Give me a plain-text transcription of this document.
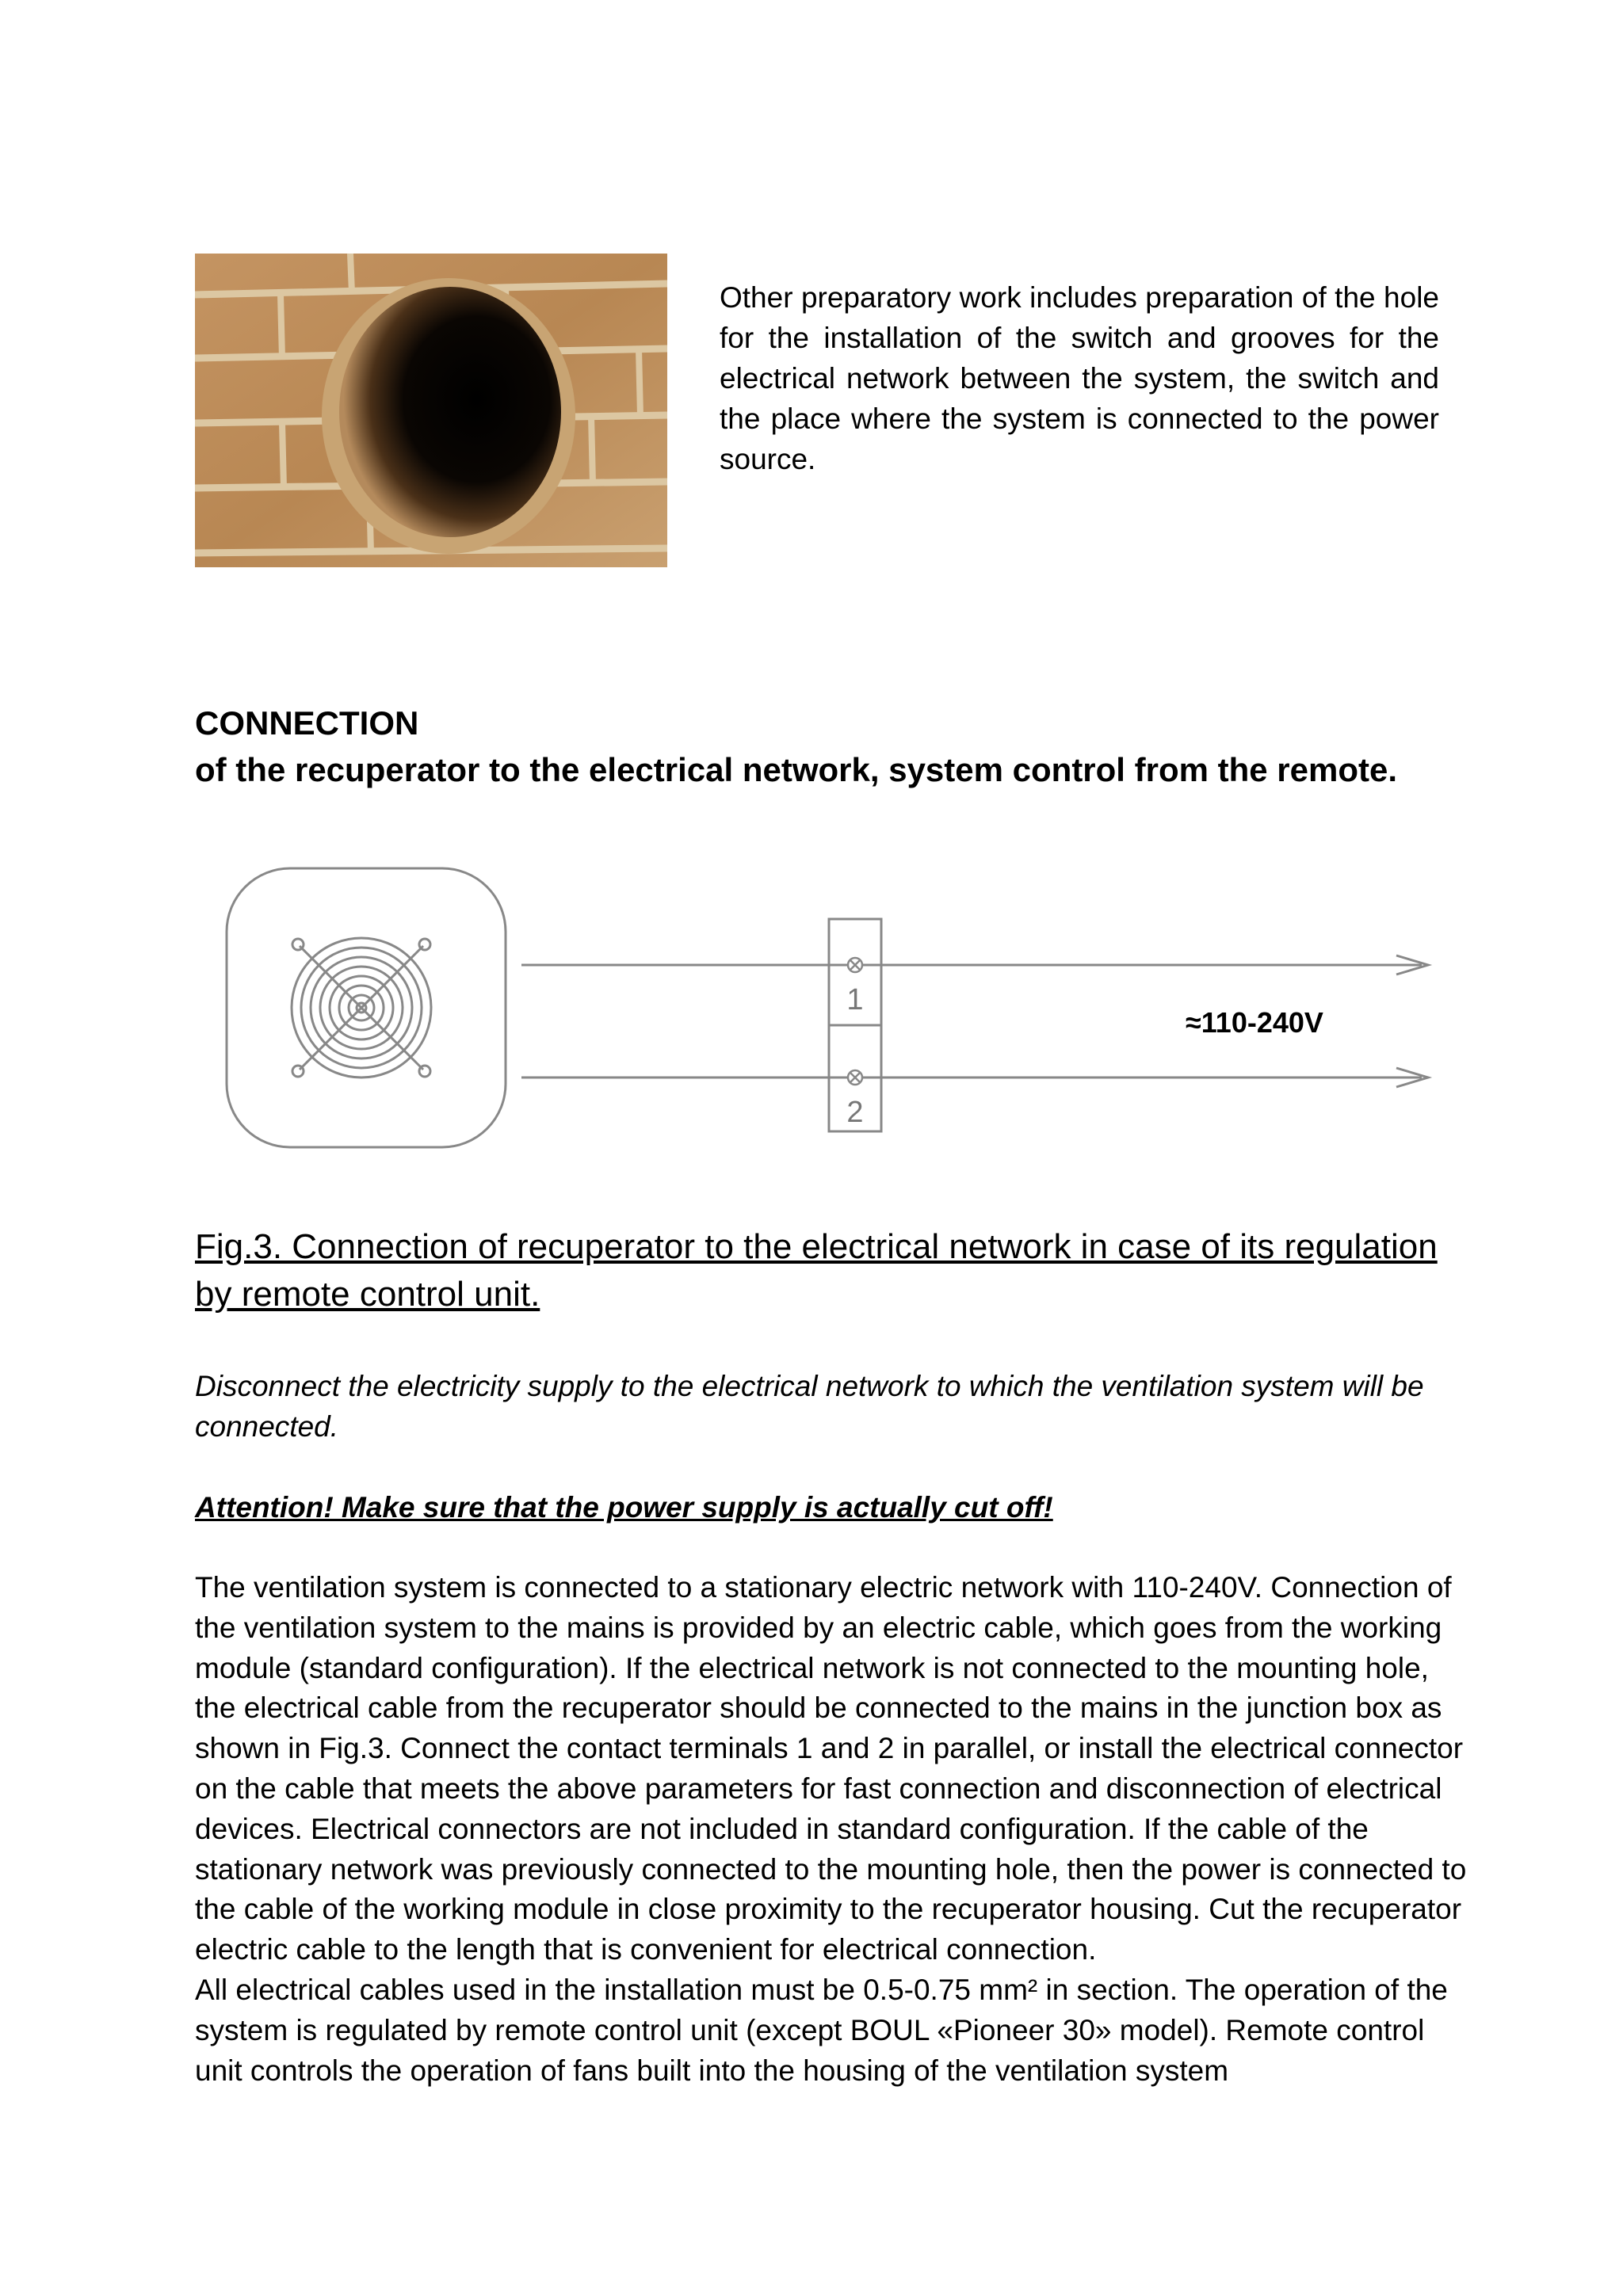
Other preparatory work includes preparation of the hole for the installation of the switch and grooves for the electrical network between the system, the switch and the place where the system is connected to the power source.
CONNECTION
of the recuperator to the electrical network, system control from the remote.
1
2
≈110-240V
Fig.3. Connection of recuperator to the electrical network in case of its regulation by remote control unit.
Disconnect the electricity supply to the electrical network to which the ventilation system will be connected.
Attention! Make sure that the power supply is actually cut off!

The ventilation system is connected to a stationary electric network with 110-240V. Connection of the ventilation system to the mains is provided by an electric cable, which goes from the working module (standard configuration). If the electrical network is not connected to the mounting hole, the electrical cable from the recuperator should be connected to the mains in the junction box as shown in Fig.3. Connect the contact terminals 1 and 2 in parallel, or install the electrical connector on the cable that meets the above parameters for fast connection and disconnection of electrical devices. Electrical connectors are not included in standard configuration. If the cable of the stationary network was previously connected to the mounting hole, then the power is connected to the cable of the working module in close proximity to the recuperator housing. Cut the recuperator electric cable to the length that is convenient for electrical connection.

All electrical cables used in the installation must be 0.5-0.75 mm² in section. The operation of the system is regulated by remote control unit (except BOUL «Pioneer 30» model). Remote control unit controls the operation of fans built into the housing of the ventilation system
